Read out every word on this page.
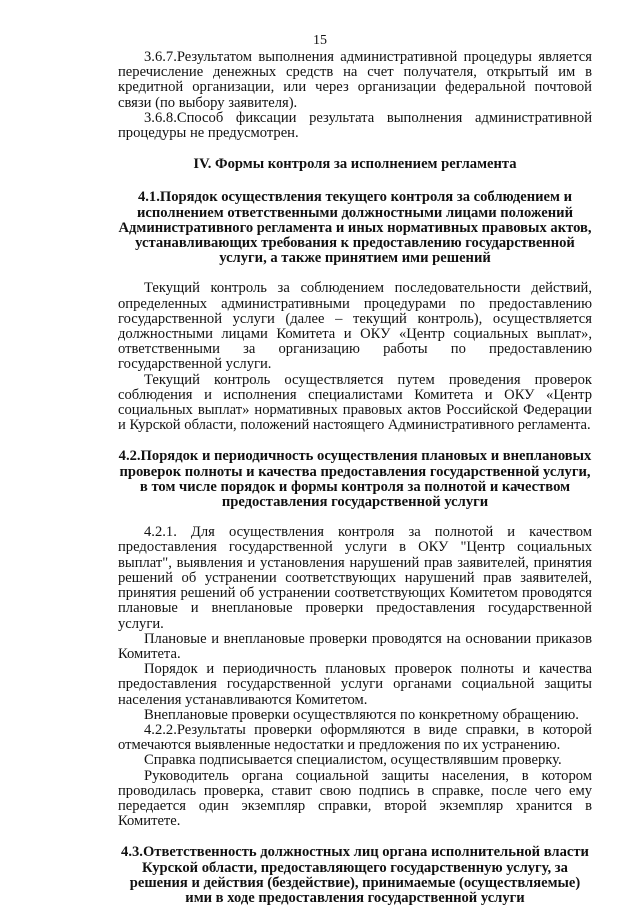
15

3.6.7.Результатом выполнения административной процедуры является перечисление денежных средств на счет получателя, открытый им в кредитной организации, или через организации федеральной почтовой связи (по выбору заявителя).

3.6.8.Способ фиксации результата выполнения административной процедуры не предусмотрен.

IV. Формы контроля за исполнением регламента

4.1.Порядок осуществления текущего контроля за соблюдением и исполнением ответственными должностными лицами положений Административного регламента и иных нормативных правовых актов, устанавливающих требования к предоставлению государственной услуги, а также принятием ими решений

Текущий контроль за соблюдением последовательности действий, определенных административными процедурами по предоставлению государственной услуги (далее – текущий контроль), осуществляется должностными лицами Комитета и ОКУ «Центр социальных выплат», ответственными за организацию работы по предоставлению государственной услуги.

Текущий контроль осуществляется путем проведения проверок соблюдения и исполнения специалистами Комитета и ОКУ «Центр социальных выплат» нормативных правовых актов Российской Федерации и Курской области, положений настоящего Административного регламента.

4.2.Порядок и периодичность осуществления плановых и внеплановых проверок полноты и качества предоставления государственной услуги, в том числе порядок и формы контроля за полнотой и качеством предоставления государственной услуги

4.2.1. Для осуществления контроля за полнотой и качеством предоставления государственной услуги в ОКУ "Центр социальных выплат", выявления и установления нарушений прав заявителей, принятия решений об устранении соответствующих нарушений прав заявителей, принятия решений об устранении соответствующих Комитетом проводятся плановые и внеплановые проверки предоставления государственной услуги.

Плановые и внеплановые проверки проводятся на основании приказов Комитета.

Порядок и периодичность плановых проверок полноты и качества предоставления государственной услуги органами социальной защиты населения устанавливаются Комитетом.

Внеплановые проверки осуществляются по конкретному обращению.

4.2.2.Результаты проверки оформляются в виде справки, в которой отмечаются выявленные недостатки и предложения по их устранению.

Справка подписывается специалистом, осуществлявшим проверку.

Руководитель органа социальной защиты населения, в котором проводилась проверка, ставит свою подпись в справке, после чего ему передается один экземпляр справки, второй экземпляр хранится в Комитете.

4.3.Ответственность должностных лиц органа исполнительной власти Курской области, предоставляющего государственную услугу, за решения и действия (бездействие), принимаемые (осуществляемые) ими в ходе предоставления государственной услуги
